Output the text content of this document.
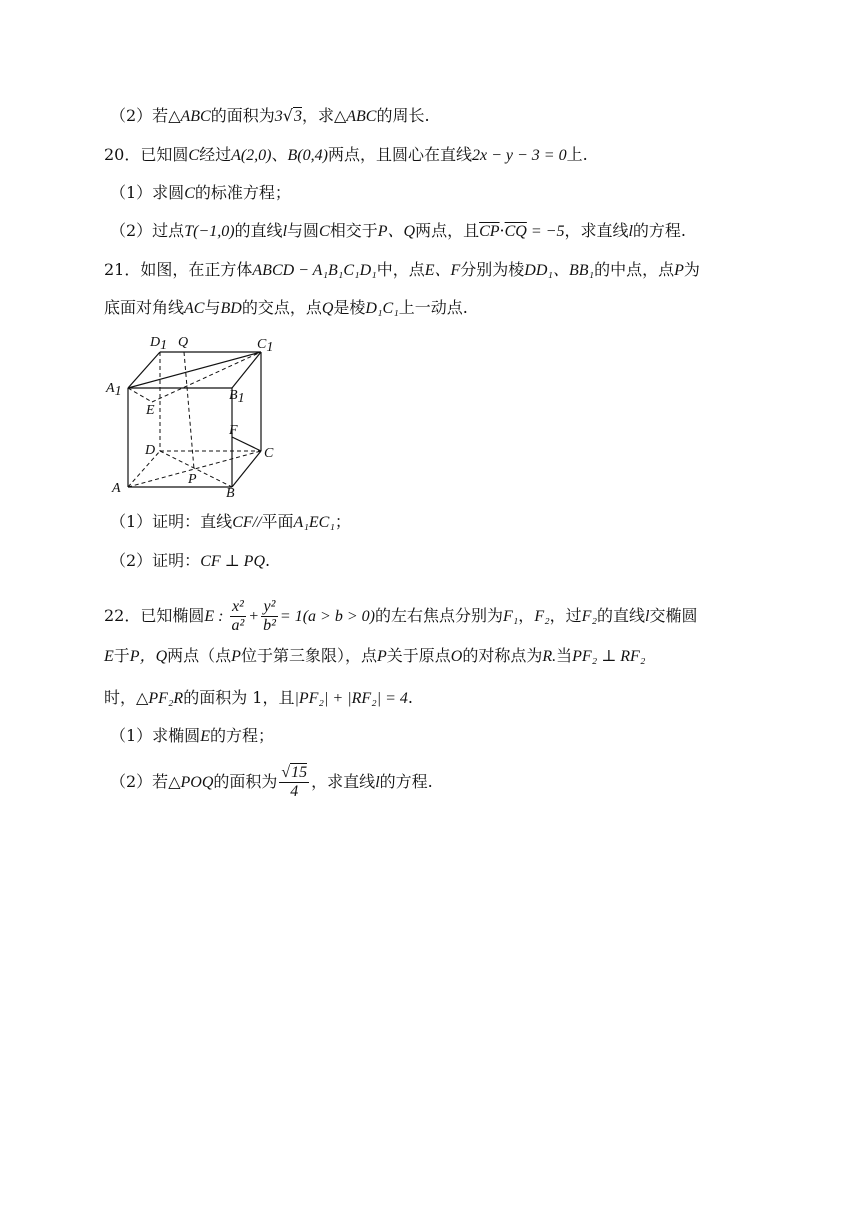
（2）若△ABC的面积为3√3，求△ABC的周长.
20．已知圆C经过A(2,0)、B(0,4)两点，且圆心在直线2x − y − 3 = 0上.
（1）求圆C的标准方程；
（2）过点T(−1,0)的直线l与圆C相交于P、Q两点，且$\overline{CP}\cdot\overline{CQ} = -5$，求直线l的方程.
21．如图，在正方体ABCD − A₁B₁C₁D₁中，点E、F分别为棱DD₁、BB₁的中点，点P为
底面对角线AC与BD的交点，点Q是棱D₁C₁上一动点.
D1 Q	C1
A1
E
B1
F
D	C
P
A	B
（1）证明：直线CF//平面A₁EC₁；
（2）证明：CF ⊥ PQ.
22．已知椭圆E : $\frac{\text{x²}}{\text{a²}} + \frac{\text{y²}}{\text{b²}} = 1(a > b > 0)$的左右焦点分别为F₁，F₂，过F₂的直线l交椭圆
E于P，Q两点（点P位于第三象限），点P关于原点O的对称点为R.当PF₂ ⊥ RF₂
时，△PF₂R的面积为 1，且|PF₂| + |RF₂| = 4.
（1）求椭圆E的方程；
（2）若△POQ的面积为 $\frac{√15}{4}$ ，求直线l的方程.
